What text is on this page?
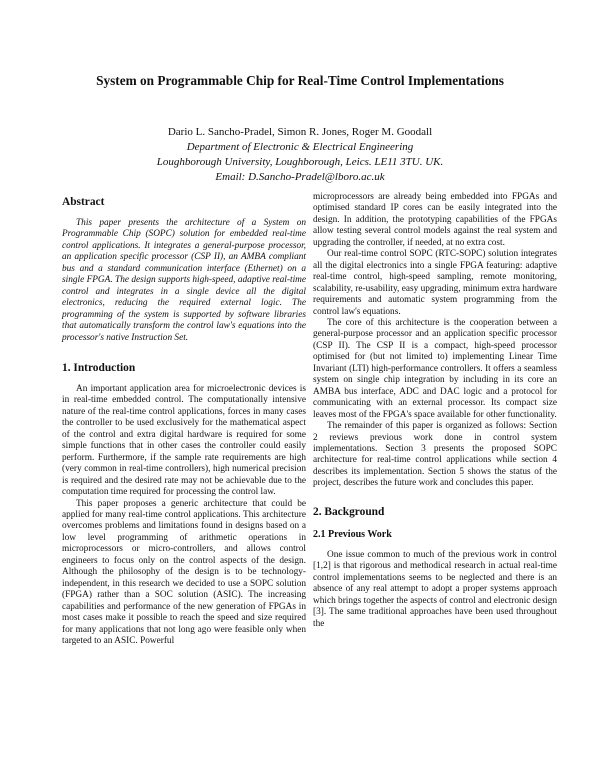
System on Programmable Chip for Real-Time Control Implementations
Dario L. Sancho-Pradel, Simon R. Jones, Roger M. Goodall
Department of Electronic & Electrical Engineering
Loughborough University, Loughborough, Leics. LE11 3TU. UK.
Email: D.Sancho-Pradel@lboro.ac.uk
Abstract

This paper presents the architecture of a System on Programmable Chip (SOPC) solution for embedded real-time control applications. It integrates a general-purpose processor, an application specific processor (CSP II), an AMBA compliant bus and a standard communication interface (Ethernet) on a single FPGA. The design supports high-speed, adaptive real-time control and integrates in a single device all the digital electronics, reducing the required external logic. The programming of the system is supported by software libraries that automatically transform the control law's equations into the processor's native Instruction Set.

1. Introduction

An important application area for microelectronic devices is in real-time embedded control. The computationally intensive nature of the real-time control applications, forces in many cases the controller to be used exclusively for the mathematical aspect of the control and extra digital hardware is required for some simple functions that in other cases the controller could easily perform. Furthermore, if the sample rate requirements are high (very common in real-time controllers), high numerical precision is required and the desired rate may not be achievable due to the computation time required for processing the control law.

This paper proposes a generic architecture that could be applied for many real-time control applications. This architecture overcomes problems and limitations found in designs based on a low level programming of arithmetic operations in microprocessors or micro-controllers, and allows control engineers to focus only on the control aspects of the design. Although the philosophy of the design is to be technology-independent, in this research we decided to use a SOPC solution (FPGA) rather than a SOC solution (ASIC). The increasing capabilities and performance of the new generation of FPGAs in most cases make it possible to reach the speed and size required for many applications that not long ago were feasible only when targeted to an ASIC. Powerful

microprocessors are already being embedded into FPGAs and optimised standard IP cores can be easily integrated into the design. In addition, the prototyping capabilities of the FPGAs allow testing several control models against the real system and upgrading the controller, if needed, at no extra cost.

Our real-time control SOPC (RTC-SOPC) solution integrates all the digital electronics into a single FPGA featuring: adaptive real-time control, high-speed sampling, remote monitoring, scalability, re-usability, easy upgrading, minimum extra hardware requirements and automatic system programming from the control law's equations.

The core of this architecture is the cooperation between a general-purpose processor and an application specific processor (CSP II). The CSP II is a compact, high-speed processor optimised for (but not limited to) implementing Linear Time Invariant (LTI) high-performance controllers. It offers a seamless system on single chip integration by including in its core an AMBA bus interface, ADC and DAC logic and a protocol for communicating with an external processor. Its compact size leaves most of the FPGA's space available for other functionality.

The remainder of this paper is organized as follows: Section 2 reviews previous work done in control system implementations. Section 3 presents the proposed SOPC architecture for real-time control applications while section 4 describes its implementation. Section 5 shows the status of the project, describes the future work and concludes this paper.

2. Background
2.1 Previous Work

One issue common to much of the previous work in control [1,2] is that rigorous and methodical research in actual real-time control implementations seems to be neglected and there is an absence of any real attempt to adopt a proper systems approach which brings together the aspects of control and electronic design [3]. The same traditional approaches have been used throughout the
